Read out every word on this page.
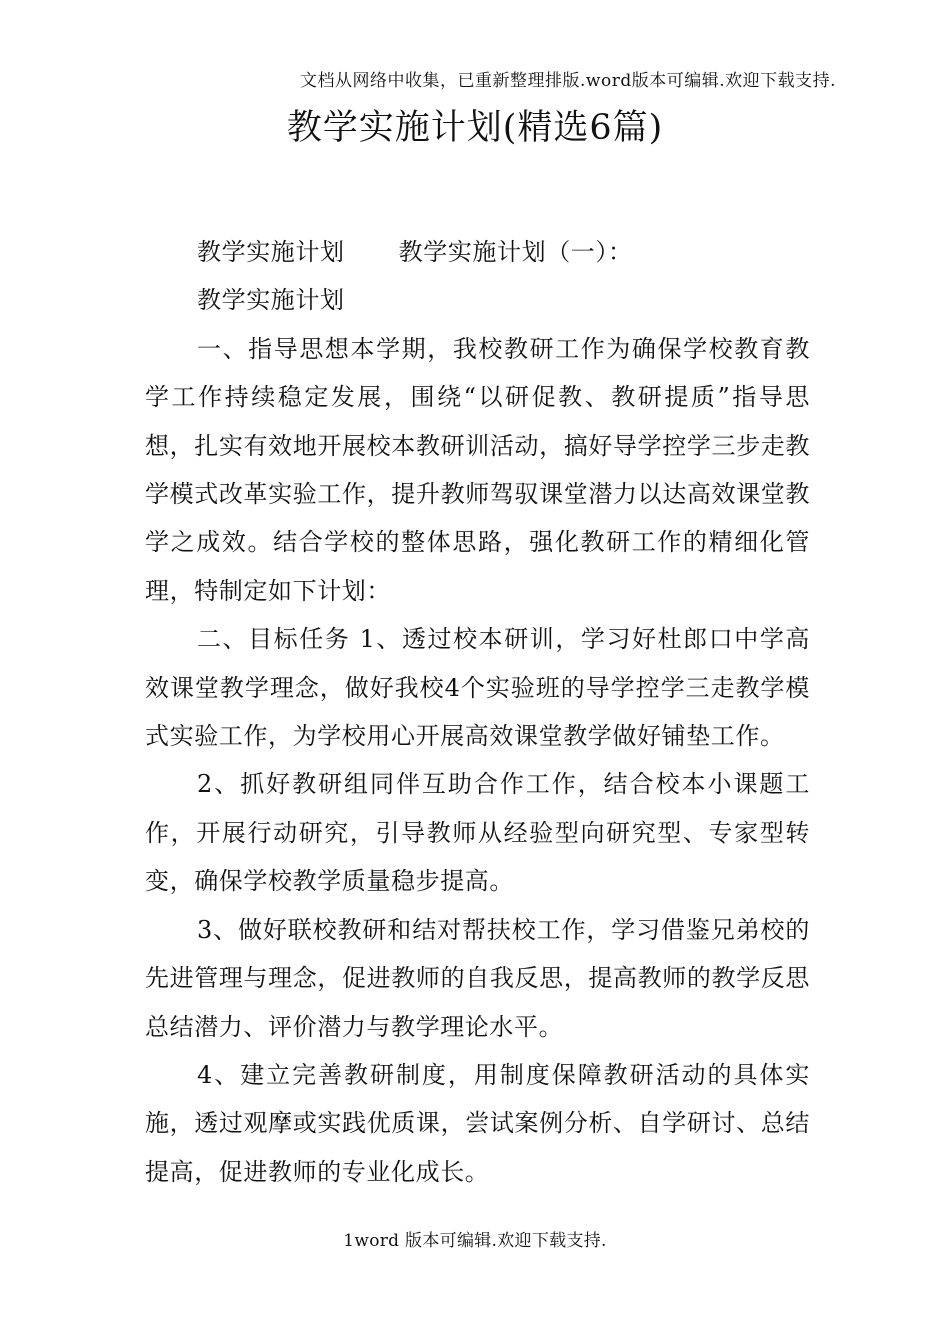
文档从网络中收集，已重新整理排版.word版本可编辑.欢迎下载支持.
教学实施计划(精选6篇)

教学实施计划 教学实施计划（一）：

教学实施计划

一、指导思想本学期，我校教研工作为确保学校教育教学工作持续稳定发展，围绕“以研促教、教研提质”指导思想，扎实有效地开展校本教研训活动，搞好导学控学三步走教学模式改革实验工作，提升教师驾驭课堂潜力以达高效课堂教学之成效。结合学校的整体思路，强化教研工作的精细化管理，特制定如下计划：

二、目标任务 1、透过校本研训，学习好杜郎口中学高效课堂教学理念，做好我校4个实验班的导学控学三走教学模式实验工作，为学校用心开展高效课堂教学做好铺垫工作。

2、抓好教研组同伴互助合作工作，结合校本小课题工作，开展行动研究，引导教师从经验型向研究型、专家型转变，确保学校教学质量稳步提高。

3、做好联校教研和结对帮扶校工作，学习借鉴兄弟校的先进管理与理念，促进教师的自我反思，提高教师的教学反思总结潜力、评价潜力与教学理论水平。

4、建立完善教研制度，用制度保障教研活动的具体实施，透过观摩或实践优质课，尝试案例分析、自学研讨、总结提高，促进教师的专业化成长。

1word 版本可编辑.欢迎下载支持.
